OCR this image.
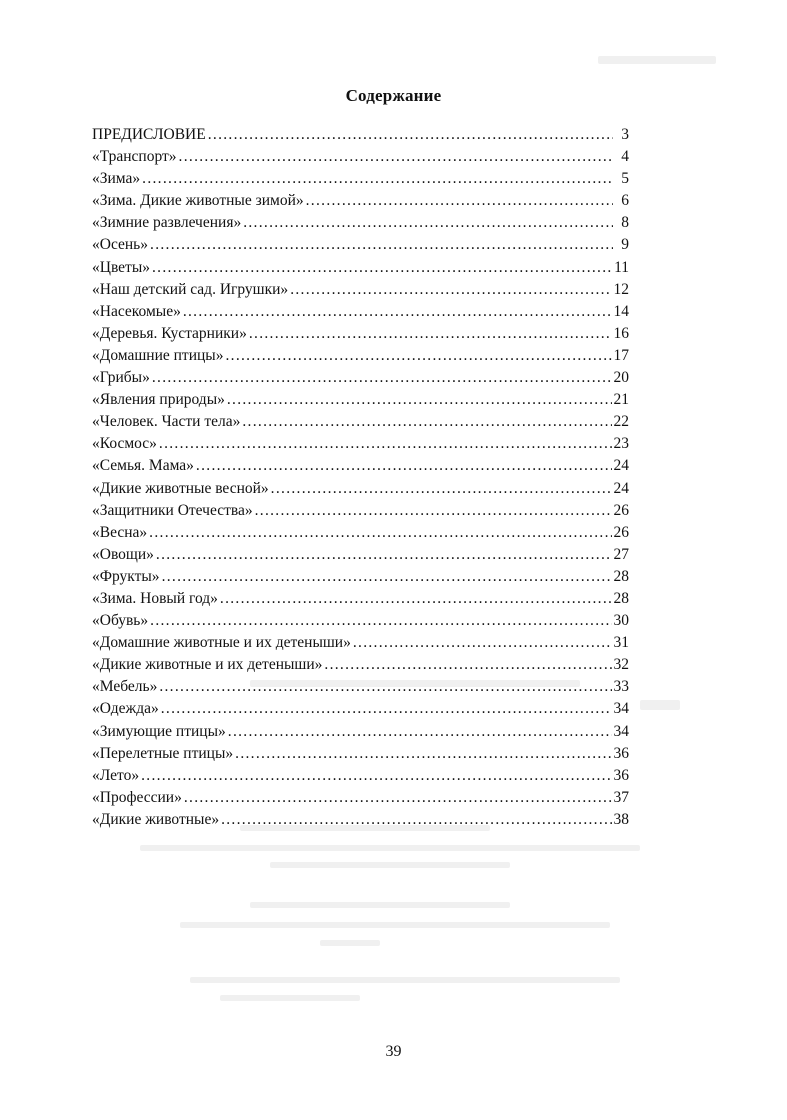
Содержание
ПРЕДИСЛОВИЕ .....	3
«Транспорт» .....	4
«Зима» .....	5
«Зима. Дикие животные зимой» .....	6
«Зимние развлечения» .....	8
«Осень» .....	9
«Цветы» .....	11
«Наш детский сад. Игрушки» .....	12
«Насекомые» .....	14
«Деревья. Кустарники» .....	16
«Домашние птицы» .....	17
«Грибы» .....	20
«Явления природы» .....	21
«Человек. Части тела» .....	22
«Космос» .....	23
«Семья. Мама» .....	24
«Дикие животные весной» .....	24
«Защитники Отечества» .....	26
«Весна» .....	26
«Овощи» .....	27
«Фрукты» .....	28
«Зима. Новый год» .....	28
«Обувь» .....	30
«Домашние животные и их детеныши» .....	31
«Дикие животные и их детеныши» .....	32
«Мебель» .....	33
«Одежда» .....	34
«Зимующие птицы» .....	34
«Перелетные птицы» .....	36
«Лето» .....	36
«Профессии» .....	37
«Дикие животные» .....	38
39
